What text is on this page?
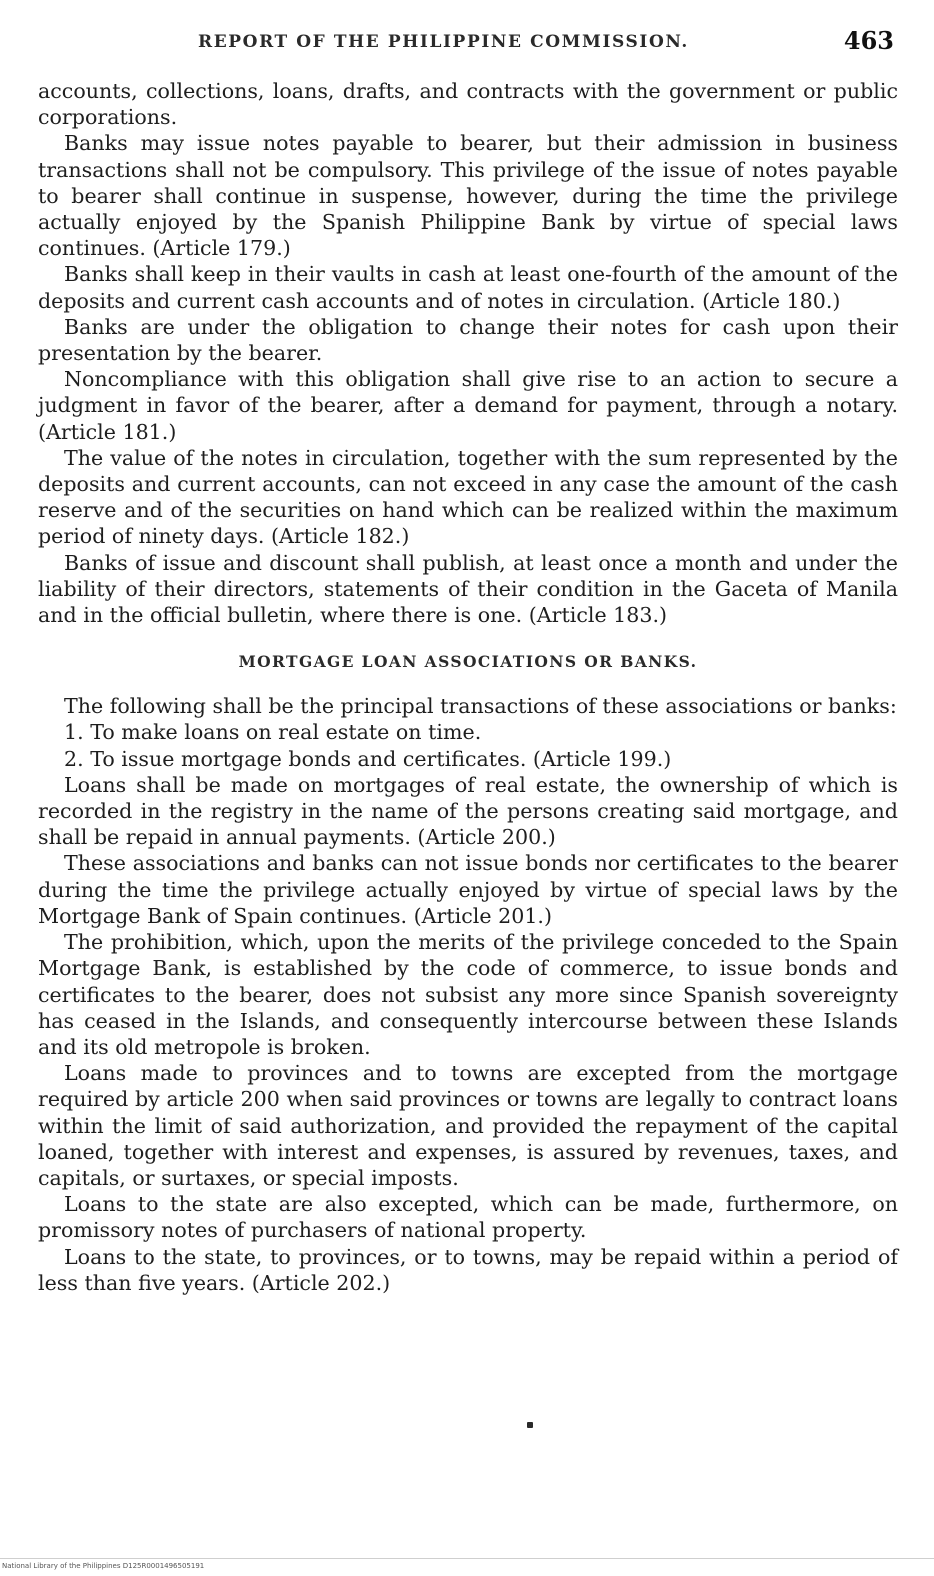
REPORT OF THE PHILIPPINE COMMISSION.	463

accounts, collections, loans, drafts, and contracts with the government or public corporations.

Banks may issue notes payable to bearer, but their admission in business transactions shall not be compulsory. This privilege of the issue of notes payable to bearer shall continue in suspense, however, during the time the privilege actually enjoyed by the Spanish Philippine Bank by virtue of special laws continues. (Article 179.)

Banks shall keep in their vaults in cash at least one-fourth of the amount of the deposits and current cash accounts and of notes in circulation. (Article 180.)

Banks are under the obligation to change their notes for cash upon their presentation by the bearer.

Noncompliance with this obligation shall give rise to an action to secure a judgment in favor of the bearer, after a demand for payment, through a notary. (Article 181.)

The value of the notes in circulation, together with the sum represented by the deposits and current accounts, can not exceed in any case the amount of the cash reserve and of the securities on hand which can be realized within the maximum period of ninety days. (Article 182.)

Banks of issue and discount shall publish, at least once a month and under the liability of their directors, statements of their condition in the Gaceta of Manila and in the official bulletin, where there is one. (Article 183.)

MORTGAGE LOAN ASSOCIATIONS OR BANKS.

The following shall be the principal transactions of these associations or banks:

1. To make loans on real estate on time.

2. To issue mortgage bonds and certificates. (Article 199.)

Loans shall be made on mortgages of real estate, the ownership of which is recorded in the registry in the name of the persons creating said mortgage, and shall be repaid in annual payments. (Article 200.)

These associations and banks can not issue bonds nor certificates to the bearer during the time the privilege actually enjoyed by virtue of special laws by the Mortgage Bank of Spain continues. (Article 201.)

The prohibition, which, upon the merits of the privilege conceded to the Spain Mortgage Bank, is established by the code of commerce, to issue bonds and certificates to the bearer, does not subsist any more since Spanish sovereignty has ceased in the Islands, and consequently intercourse between these Islands and its old metropole is broken.

Loans made to provinces and to towns are excepted from the mortgage required by article 200 when said provinces or towns are legally to contract loans within the limit of said authorization, and provided the repayment of the capital loaned, together with interest and expenses, is assured by revenues, taxes, and capitals, or surtaxes, or special imposts.

Loans to the state are also excepted, which can be made, furthermore, on promissory notes of purchasers of national property.

Loans to the state, to provinces, or to towns, may be repaid within a period of less than five years. (Article 202.)

National Library of the Philippines D125R0001496505191
